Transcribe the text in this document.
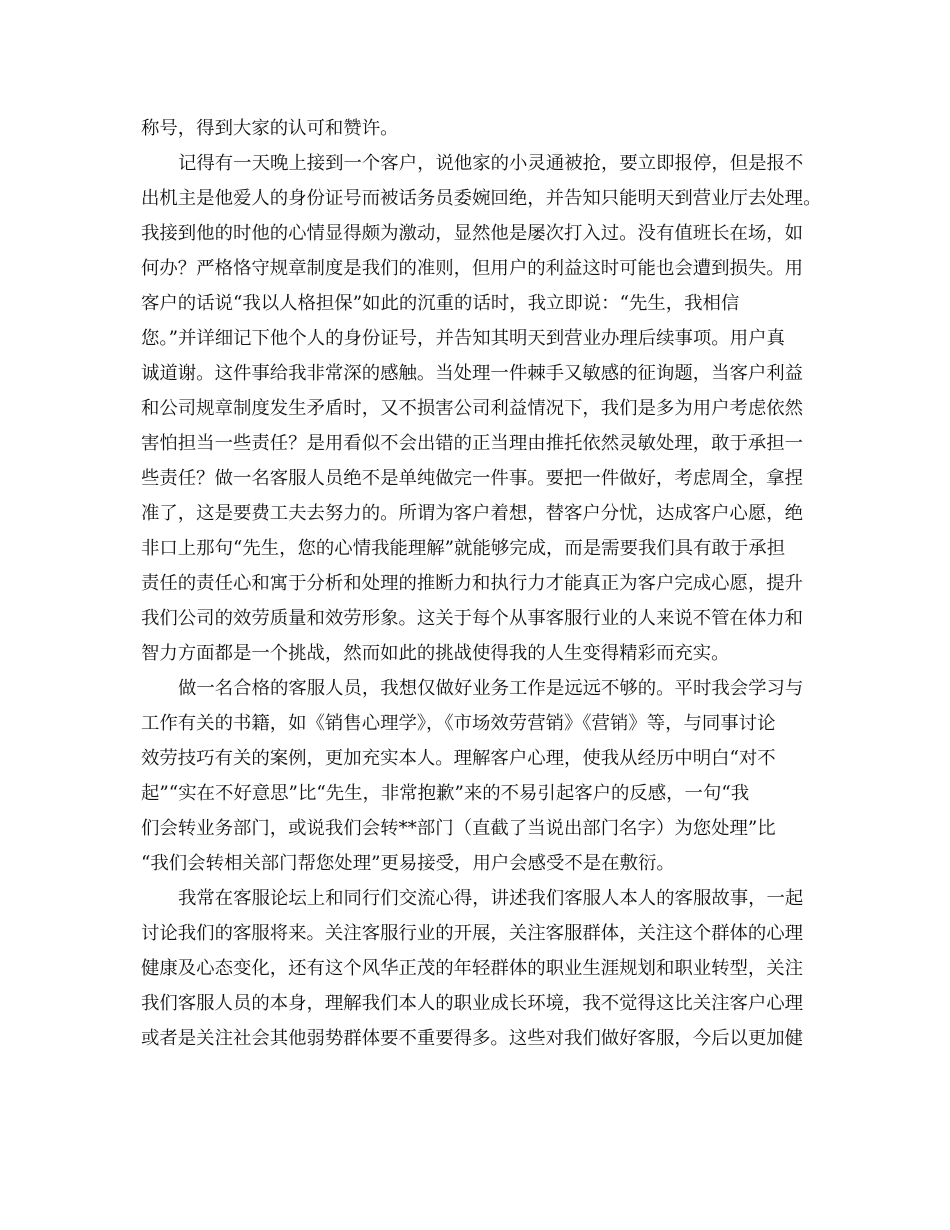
称号，得到大家的认可和赞许。
记得有一天晚上接到一个客户，说他家的小灵通被抢，要立即报停，但是报不
出机主是他爱人的身份证号而被话务员委婉回绝，并告知只能明天到营业厅去处理。
我接到他的时他的心情显得颇为激动，显然他是屡次打入过。没有值班长在场，如
何办？严格恪守规章制度是我们的准则，但用户的利益这时可能也会遭到损失。用
客户的话说“我以人格担保”如此的沉重的话时，我立即说：“先生，我相信
您。”并详细记下他个人的身份证号，并告知其明天到营业办理后续事项。用户真
诚道谢。这件事给我非常深的感触。当处理一件棘手又敏感的征询题，当客户利益
和公司规章制度发生矛盾时，又不损害公司利益情况下，我们是多为用户考虑依然
害怕担当一些责任？是用看似不会出错的正当理由推托依然灵敏处理，敢于承担一
些责任？做一名客服人员绝不是单纯做完一件事。要把一件做好，考虑周全，拿捏
准了，这是要费工夫去努力的。所谓为客户着想，替客户分忧，达成客户心愿，绝
非口上那句“先生，您的心情我能理解”就能够完成，而是需要我们具有敢于承担
责任的责任心和寓于分析和处理的推断力和执行力才能真正为客户完成心愿，提升
我们公司的效劳质量和效劳形象。这关于每个从事客服行业的人来说不管在体力和
智力方面都是一个挑战，然而如此的挑战使得我的人生变得精彩而充实。
做一名合格的客服人员，我想仅做好业务工作是远远不够的。平时我会学习与
工作有关的书籍，如《销售心理学》，《市场效劳营销》《营销》等，与同事讨论
效劳技巧有关的案例，更加充实本人。理解客户心理，使我从经历中明白“对不
起”“实在不好意思”比“先生，非常抱歉”来的不易引起客户的反感，一句“我
们会转业务部门，或说我们会转**部门（直截了当说出部门名字）为您处理”比
“我们会转相关部门帮您处理”更易接受，用户会感受不是在敷衍。
我常在客服论坛上和同行们交流心得，讲述我们客服人本人的客服故事，一起
讨论我们的客服将来。关注客服行业的开展，关注客服群体，关注这个群体的心理
健康及心态变化，还有这个风华正茂的年轻群体的职业生涯规划和职业转型，关注
我们客服人员的本身，理解我们本人的职业成长环境，我不觉得这比关注客户心理
或者是关注社会其他弱势群体要不重要得多。这些对我们做好客服，今后以更加健
